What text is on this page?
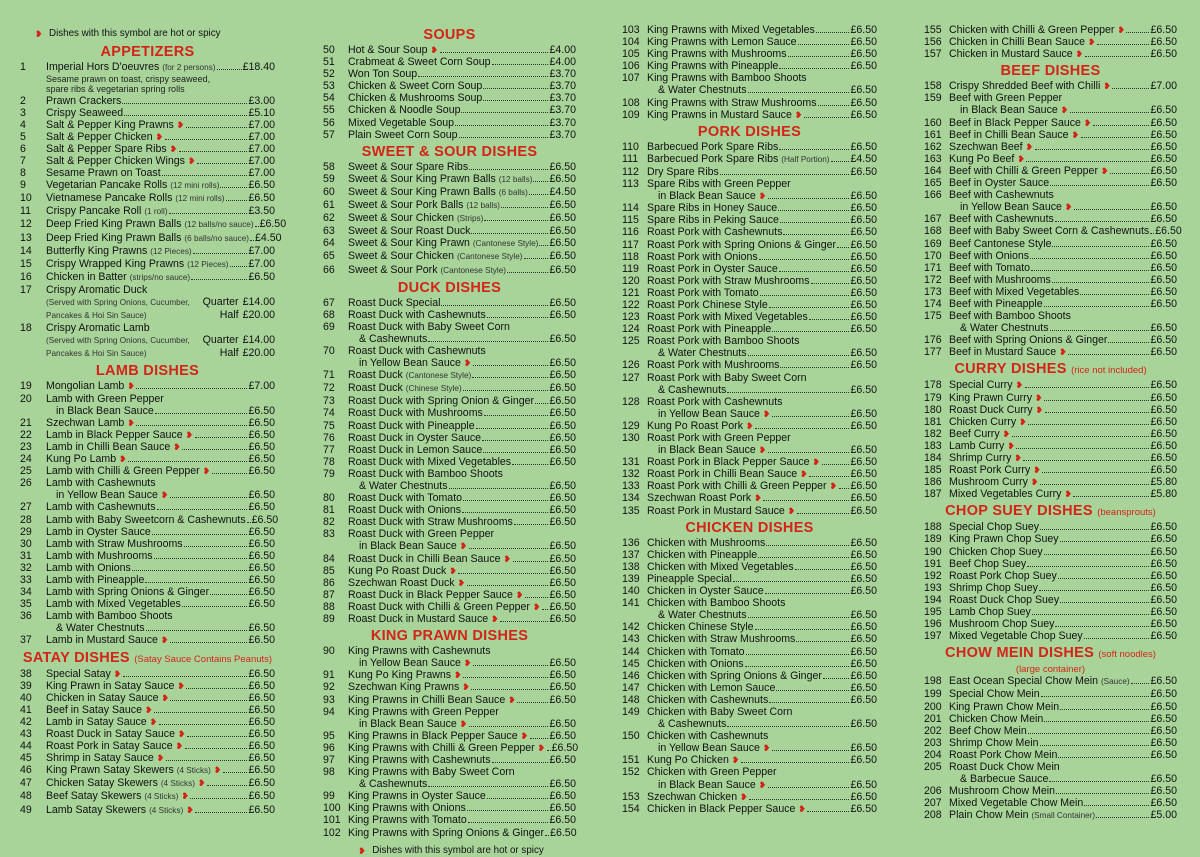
❥ Dishes with this symbol are hot or spicy
APPETIZERS
1	Imperial Hors D'oeuvres (for 2 persons)	£18.40
Sesame prawn on toast, crispy seaweed,
spare ribs & vegetarian spring rolls
2	Prawn Crackers	£3.00
3	Crispy Seaweed	£5.10
4	Salt & Pepper King Prawns ❥	£7.00
5	Salt & Pepper Chicken ❥	£7.00
6	Salt & Pepper Spare Ribs ❥	£7.00
7	Salt & Pepper Chicken Wings ❥	£7.00
8	Sesame Prawn on Toast	£7.00
9	Vegetarian Pancake Rolls (12 mini rolls)	£6.50
10	Vietnamese Pancake Rolls (12 mini rolls) £6.50
11	Crispy Pancake Roll (1 roll)	£3.50
12	Deep Fried King Prawn Balls (12 balls/no sauce) £6.50
13	Deep Fried King Prawn Balls (6 balls/no sauce) £4.50
14	Butterfly King Prawns (12 Pieces)	£7.00
15	Crispy Wrapped King Prawns (12 Pieces) £7.00
16	Chicken in Batter (strips/no sauce)	£6.50
17	Crispy Aromatic Duck
(Served with Spring Onions, Cucumber,	Quarter £14.00
Pancakes & Hoi Sin Sauce)	Half £20.00
18	Crispy Aromatic Lamb
(Served with Spring Onions, Cucumber,	Quarter £14.00
Pancakes & Hoi Sin Sauce)	Half £20.00
LAMB DISHES
19	Mongolian Lamb ❥	£7.00
20	Lamb with Green Pepper
in Black Bean Sauce	£6.50
21	Szechwan Lamb ❥	£6.50
22	Lamb in Black Pepper Sauce ❥	£6.50
23	Lamb in Chilli Bean Sauce ❥	£6.50
24	Kung Po Lamb ❥	£6.50
25	Lamb with Chilli & Green Pepper ❥	£6.50
26	Lamb with Cashewnuts
in Yellow Bean Sauce ❥	£6.50
27	Lamb with Cashewnuts	£6.50
28	Lamb with Baby Sweetcorn & Cashewnuts £6.50
29	Lamb in Oyster Sauce	£6.50
30	Lamb with Straw Mushrooms	£6.50
31	Lamb with Mushrooms	£6.50
32	Lamb with Onions	£6.50
33	Lamb with Pineapple	£6.50
34	Lamb with Spring Onions & Ginger	£6.50
35	Lamb with Mixed Vegetables	£6.50
36	Lamb with Bamboo Shoots
& Water Chestnuts	£6.50
37	Lamb in Mustard Sauce ❥	£6.50
SATAY DISHES (Satay Sauce Contains Peanuts)
38	Special Satay ❥	£6.50
39	King Prawn in Satay Sauce ❥	£6.50
40	Chicken in Satay Sauce ❥	£6.50
41	Beef in Satay Sauce ❥	£6.50
42	Lamb in Satay Sauce ❥	£6.50
43	Roast Duck in Satay Sauce ❥	£6.50
44	Roast Pork in Satay Sauce ❥	£6.50
45	Shrimp in Satay Sauce ❥	£6.50
46	King Prawn Satay Skewers (4 Sticks) ❥	£6.50
47	Chicken Satay Skewers (4 Sticks) ❥	£6.50
48	Beef Satay Skewers (4 Sticks) ❥	£6.50
49	Lamb Satay Skewers (4 Sticks) ❥	£6.50
SOUPS
50	Hot & Sour Soup ❥	£4.00
51	Crabmeat & Sweet Corn Soup	£4.00
52	Won Ton Soup	£3.70
53	Chicken & Sweet Corn Soup	£3.70
54	Chicken & Mushrooms Soup	£3.70
55	Chicken & Noodle Soup	£3.70
56	Mixed Vegetable Soup	£3.70
57	Plain Sweet Corn Soup	£3.70
SWEET & SOUR DISHES
58	Sweet & Sour Spare Ribs	£6.50
59	Sweet & Sour King Prawn Balls (12 balls) £6.50
60	Sweet & Sour King Prawn Balls (6 balls) £4.50
61	Sweet & Sour Pork Balls (12 balls)	£6.50
62	Sweet & Sour Chicken (Strips)	£6.50
63	Sweet & Sour Roast Duck	£6.50
64	Sweet & Sour King Prawn (Cantonese Style) £6.50
65	Sweet & Sour Chicken (Cantonese Style)	£6.50
66	Sweet & Sour Pork (Cantonese Style)	£6.50
DUCK DISHES
67	Roast Duck Special	£6.50
68	Roast Duck with Cashewnuts	£6.50
69	Roast Duck with Baby Sweet Corn
& Cashewnuts	£6.50
70	Roast Duck with Cashewnuts
in Yellow Bean Sauce ❥	£6.50
71	Roast Duck (Cantonese Style)	£6.50
72	Roast Duck (Chinese Style)	£6.50
73	Roast Duck with Spring Onion & Ginger £6.50
74	Roast Duck with Mushrooms	£6.50
75	Roast Duck with Pineapple	£6.50
76	Roast Duck in Oyster Sauce	£6.50
77	Roast Duck in Lemon Sauce	£6.50
78	Roast Duck with Mixed Vegetables	£6.50
79	Roast Duck with Bamboo Shoots
& Water Chestnuts	£6.50
80	Roast Duck with Tomato	£6.50
81	Roast Duck with Onions	£6.50
82	Roast Duck with Straw Mushrooms	£6.50
83	Roast Duck with Green Pepper
in Black Bean Sauce ❥	£6.50
84	Roast Duck in Chilli Bean Sauce ❥	£6.50
85	Kung Po Roast Duck ❥	£6.50
86	Szechwan Roast Duck ❥	£6.50
87	Roast Duck in Black Pepper Sauce ❥ £6.50
88	Roast Duck with Chilli & Green Pepper ❥ £6.50
89	Roast Duck in Mustard Sauce ❥	£6.50
KING PRAWN DISHES
90	King Prawns with Cashewnuts
in Yellow Bean Sauce ❥	£6.50
91	Kung Po King Prawns ❥	£6.50
92	Szechwan King Prawns ❥	£6.50
93	King Prawns in Chilli Bean Sauce ❥	£6.50
94	King Prawns with Green Pepper
in Black Bean Sauce ❥	£6.50
95	King Prawns in Black Pepper Sauce ❥ £6.50
96	King Prawns with Chilli & Green Pepper ❥ £6.50
97	King Prawns with Cashewnuts	£6.50
98	King Prawns with Baby Sweet Corn
& Cashewnuts	£6.50
99	King Prawns in Oyster Sauce	£6.50
100 King Prawns with Onions	£6.50
101 King Prawns with Tomato	£6.50
102 King Prawns with Spring Onions & Ginger £6.50
❥ Dishes with this symbol are hot or spicy
103 King Prawns with Mixed Vegetables	£6.50
104 King Prawns with Lemon Sauce	£6.50
105 King Prawns with Mushrooms	£6.50
106 King Prawns with Pineapple	£6.50
107 King Prawns with Bamboo Shoots
& Water Chestnuts	£6.50
108 King Prawns with Straw Mushrooms	£6.50
109 King Prawns in Mustard Sauce ❥	£6.50
PORK DISHES
110 Barbecued Pork Spare Ribs	£6.50
111 Barbecued Pork Spare Ribs (Half Portion) £4.50
112 Dry Spare Ribs	£6.50
113 Spare Ribs with Green Pepper
in Black Bean Sauce ❥	£6.50
114 Spare Ribs in Honey Sauce	£6.50
115 Spare Ribs in Peking Sauce	£6.50
116 Roast Pork with Cashewnuts	£6.50
117 Roast Pork with Spring Onions & Ginger £6.50
118 Roast Pork with Onions	£6.50
119 Roast Pork in Oyster Sauce	£6.50
120 Roast Pork with Straw Mushrooms	£6.50
121 Roast Pork with Tomato	£6.50
122 Roast Pork Chinese Style	£6.50
123 Roast Pork with Mixed Vegetables	£6.50
124 Roast Pork with Pineapple	£6.50
125 Roast Pork with Bamboo Shoots
& Water Chestnuts	£6.50
126 Roast Pork with Mushrooms	£6.50
127 Roast Pork with Baby Sweet Corn
& Cashewnuts	£6.50
128 Roast Pork with Cashewnuts
in Yellow Bean Sauce ❥	£6.50
129 Kung Po Roast Pork ❥	£6.50
130 Roast Pork with Green Pepper
in Black Bean Sauce ❥	£6.50
131 Roast Pork in Black Pepper Sauce ❥	£6.50
132 Roast Pork in Chilli Bean Sauce ❥	£6.50
133 Roast Pork with Chilli & Green Pepper ❥ £6.50
134 Szechwan Roast Pork ❥	£6.50
135 Roast Pork in Mustard Sauce ❥	£6.50
CHICKEN DISHES
136 Chicken with Mushrooms	£6.50
137 Chicken with Pineapple	£6.50
138 Chicken with Mixed Vegetables	£6.50
139 Pineapple Special	£6.50
140 Chicken in Oyster Sauce	£6.50
141 Chicken with Bamboo Shoots
& Water Chestnuts	£6.50
142 Chicken Chinese Style	£6.50
143 Chicken with Straw Mushrooms	£6.50
144 Chicken with Tomato	£6.50
145 Chicken with Onions	£6.50
146 Chicken with Spring Onions & Ginger	£6.50
147 Chicken with Lemon Sauce	£6.50
148 Chicken with Cashewnuts	£6.50
149 Chicken with Baby Sweet Corn
& Cashewnuts	£6.50
150 Chicken with Cashewnuts
in Yellow Bean Sauce ❥	£6.50
151 Kung Po Chicken ❥	£6.50
152 Chicken with Green Pepper
in Black Bean Sauce ❥	£6.50
153 Szechwan Chicken ❥	£6.50
154 Chicken in Black Pepper Sauce ❥	£6.50
155 Chicken with Chilli & Green Pepper ❥ £6.50
156 Chicken in Chilli Bean Sauce ❥	£6.50
157 Chicken in Mustard Sauce ❥	£6.50
BEEF DISHES
158 Crispy Shredded Beef with Chilli ❥	£7.00
159 Beef with Green Pepper
in Black Bean Sauce ❥	£6.50
160 Beef in Black Pepper Sauce ❥	£6.50
161 Beef in Chilli Bean Sauce ❥	£6.50
162 Szechwan Beef ❥	£6.50
163 Kung Po Beef ❥	£6.50
164 Beef with Chilli & Green Pepper ❥	£6.50
165 Beef in Oyster Sauce	£6.50
166 Beef with Cashewnuts
in Yellow Bean Sauce ❥	£6.50
167 Beef with Cashewnuts	£6.50
168 Beef with Baby Sweet Corn & Cashewnuts £6.50
169 Beef Cantonese Style	£6.50
170 Beef with Onions	£6.50
171 Beef with Tomato	£6.50
172 Beef with Mushrooms	£6.50
173 Beef with Mixed Vegetables	£6.50
174 Beef with Pineapple	£6.50
175 Beef with Bamboo Shoots
& Water Chestnuts	£6.50
176 Beef with Spring Onions & Ginger	£6.50
177 Beef in Mustard Sauce ❥	£6.50
CURRY DISHES (rice not included)
178 Special Curry ❥	£6.50
179 King Prawn Curry ❥	£6.50
180 Roast Duck Curry ❥	£6.50
181 Chicken Curry ❥	£6.50
182 Beef Curry ❥	£6.50
183 Lamb Curry ❥	£6.50
184 Shrimp Curry ❥	£6.50
185 Roast Pork Curry ❥	£6.50
186 Mushroom Curry ❥	£5.80
187 Mixed Vegetables Curry ❥	£5.80
CHOP SUEY DISHES (beansprouts)
188 Special Chop Suey	£6.50
189 King Prawn Chop Suey	£6.50
190 Chicken Chop Suey	£6.50
191 Beef Chop Suey	£6.50
192 Roast Pork Chop Suey	£6.50
193 Shrimp Chop Suey	£6.50
194 Roast Duck Chop Suey	£6.50
195 Lamb Chop Suey	£6.50
196 Mushroom Chop Suey	£6.50
197 Mixed Vegetable Chop Suey	£6.50
CHOW MEIN DISHES (soft noodles)
(large container)
198 East Ocean Special Chow Mein (Sauce) £6.50
199 Special Chow Mein	£6.50
200 King Prawn Chow Mein	£6.50
201 Chicken Chow Mein	£6.50
202 Beef Chow Mein	£6.50
203 Shrimp Chow Mein	£6.50
204 Roast Pork Chow Mein	£6.50
205 Roast Duck Chow Mein
& Barbecue Sauce	£6.50
206 Mushroom Chow Mein	£6.50
207 Mixed Vegetable Chow Mein	£6.50
208 Plain Chow Mein (Small Container)	£5.00
